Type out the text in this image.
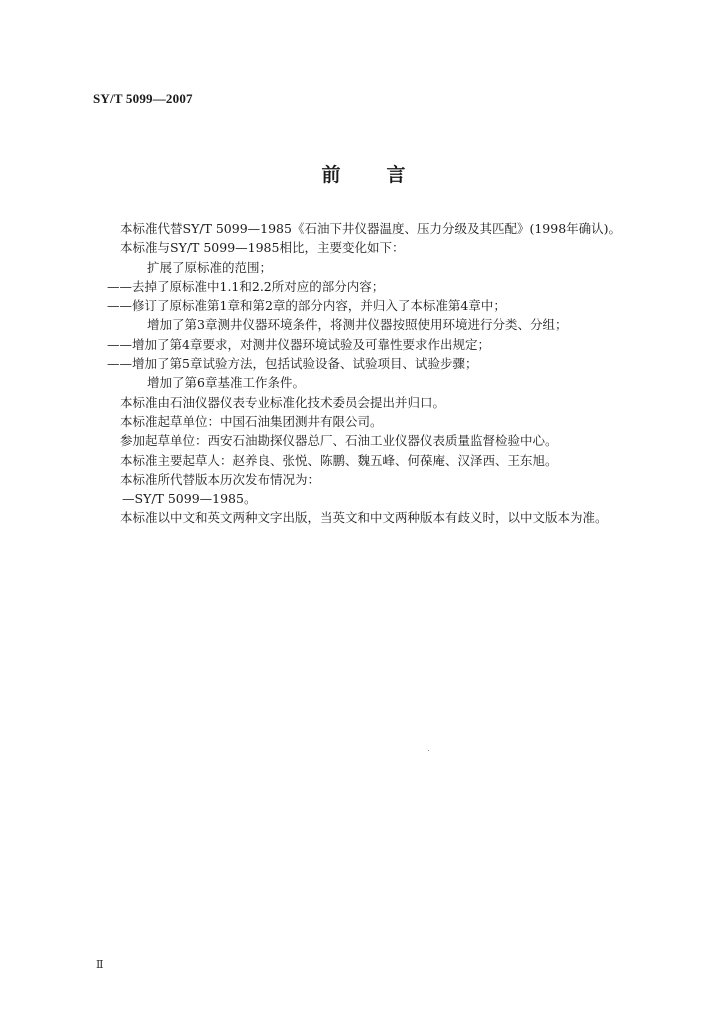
SY/T 5099—2007
前言
本标准代替SY/T 5099—1985《石油下井仪器温度、压力分级及其匹配》(1998年确认)。
本标准与SY/T 5099—1985相比，主要变化如下：
扩展了原标准的范围；
——去掉了原标准中1.1和2.2所对应的部分内容；
——修订了原标准第1章和第2章的部分内容，并归入了本标准第4章中；
增加了第3章测井仪器环境条件，将测井仪器按照使用环境进行分类、分组；
——增加了第4章要求，对测井仪器环境试验及可靠性要求作出规定；
——增加了第5章试验方法，包括试验设备、试验项目、试验步骤；
增加了第6章基准工作条件。
本标准由石油仪器仪表专业标准化技术委员会提出并归口。
本标准起草单位：中国石油集团测井有限公司。
参加起草单位：西安石油勘探仪器总厂、石油工业仪器仪表质量监督检验中心。
本标准主要起草人：赵养良、张悦、陈鹏、魏五峰、何葆庵、汉泽西、王东旭。
本标准所代替版本历次发布情况为：
—SY/T 5099—1985。
本标准以中文和英文两种文字出版，当英文和中文两种版本有歧义时，以中文版本为准。
Ⅱ
